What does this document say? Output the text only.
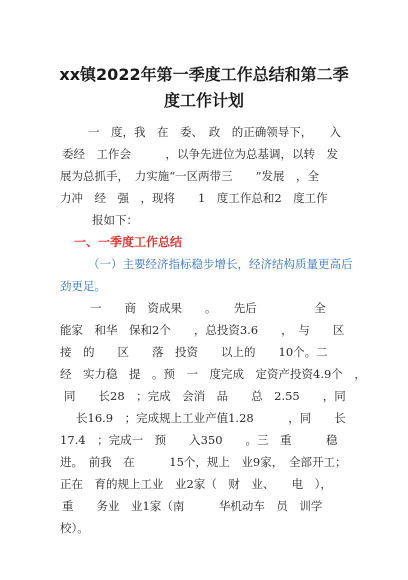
xx镇2022年第一季度工作总结和第二季
度工作计划
一　度，我　在　委、　政　的正确领导下，　　入
委经　工作会　　　，以争先进位为总基调，以转　发
展为总抓手，　力实施“一区两带三　　”发展　，全
力冲　经　强　，现将　　1　度工作总和2　度工作
报如下：
一、一季度工作总结
（一）主要经济指标稳步增长，经济结构质量更高后
劲更足。
一　　商　资成果　　。　　先后　　　　　全
能家　和华　保和2个　　，总投资3.6　　，　与　　区
接　的　　区　　落　投资　　以上的　　10个。二
经　实力稳　提　。预　一　度完成　定资产投资4.9个　，
同　　长28　；完成　会消　品　　总　2.55　　，同
长16.9　；完成规上工业产值1.28　　　，同　　长
17.4　；完成一　预　　入350　　。三　重　　　稳
进。　前我　在　　　15个，规上　业9家，　全部开工；
正在　育的规上工业　业2家（　财　业、　　电　），
重　　务业　业1家（南　　　华机动车　员　训学
校）。
